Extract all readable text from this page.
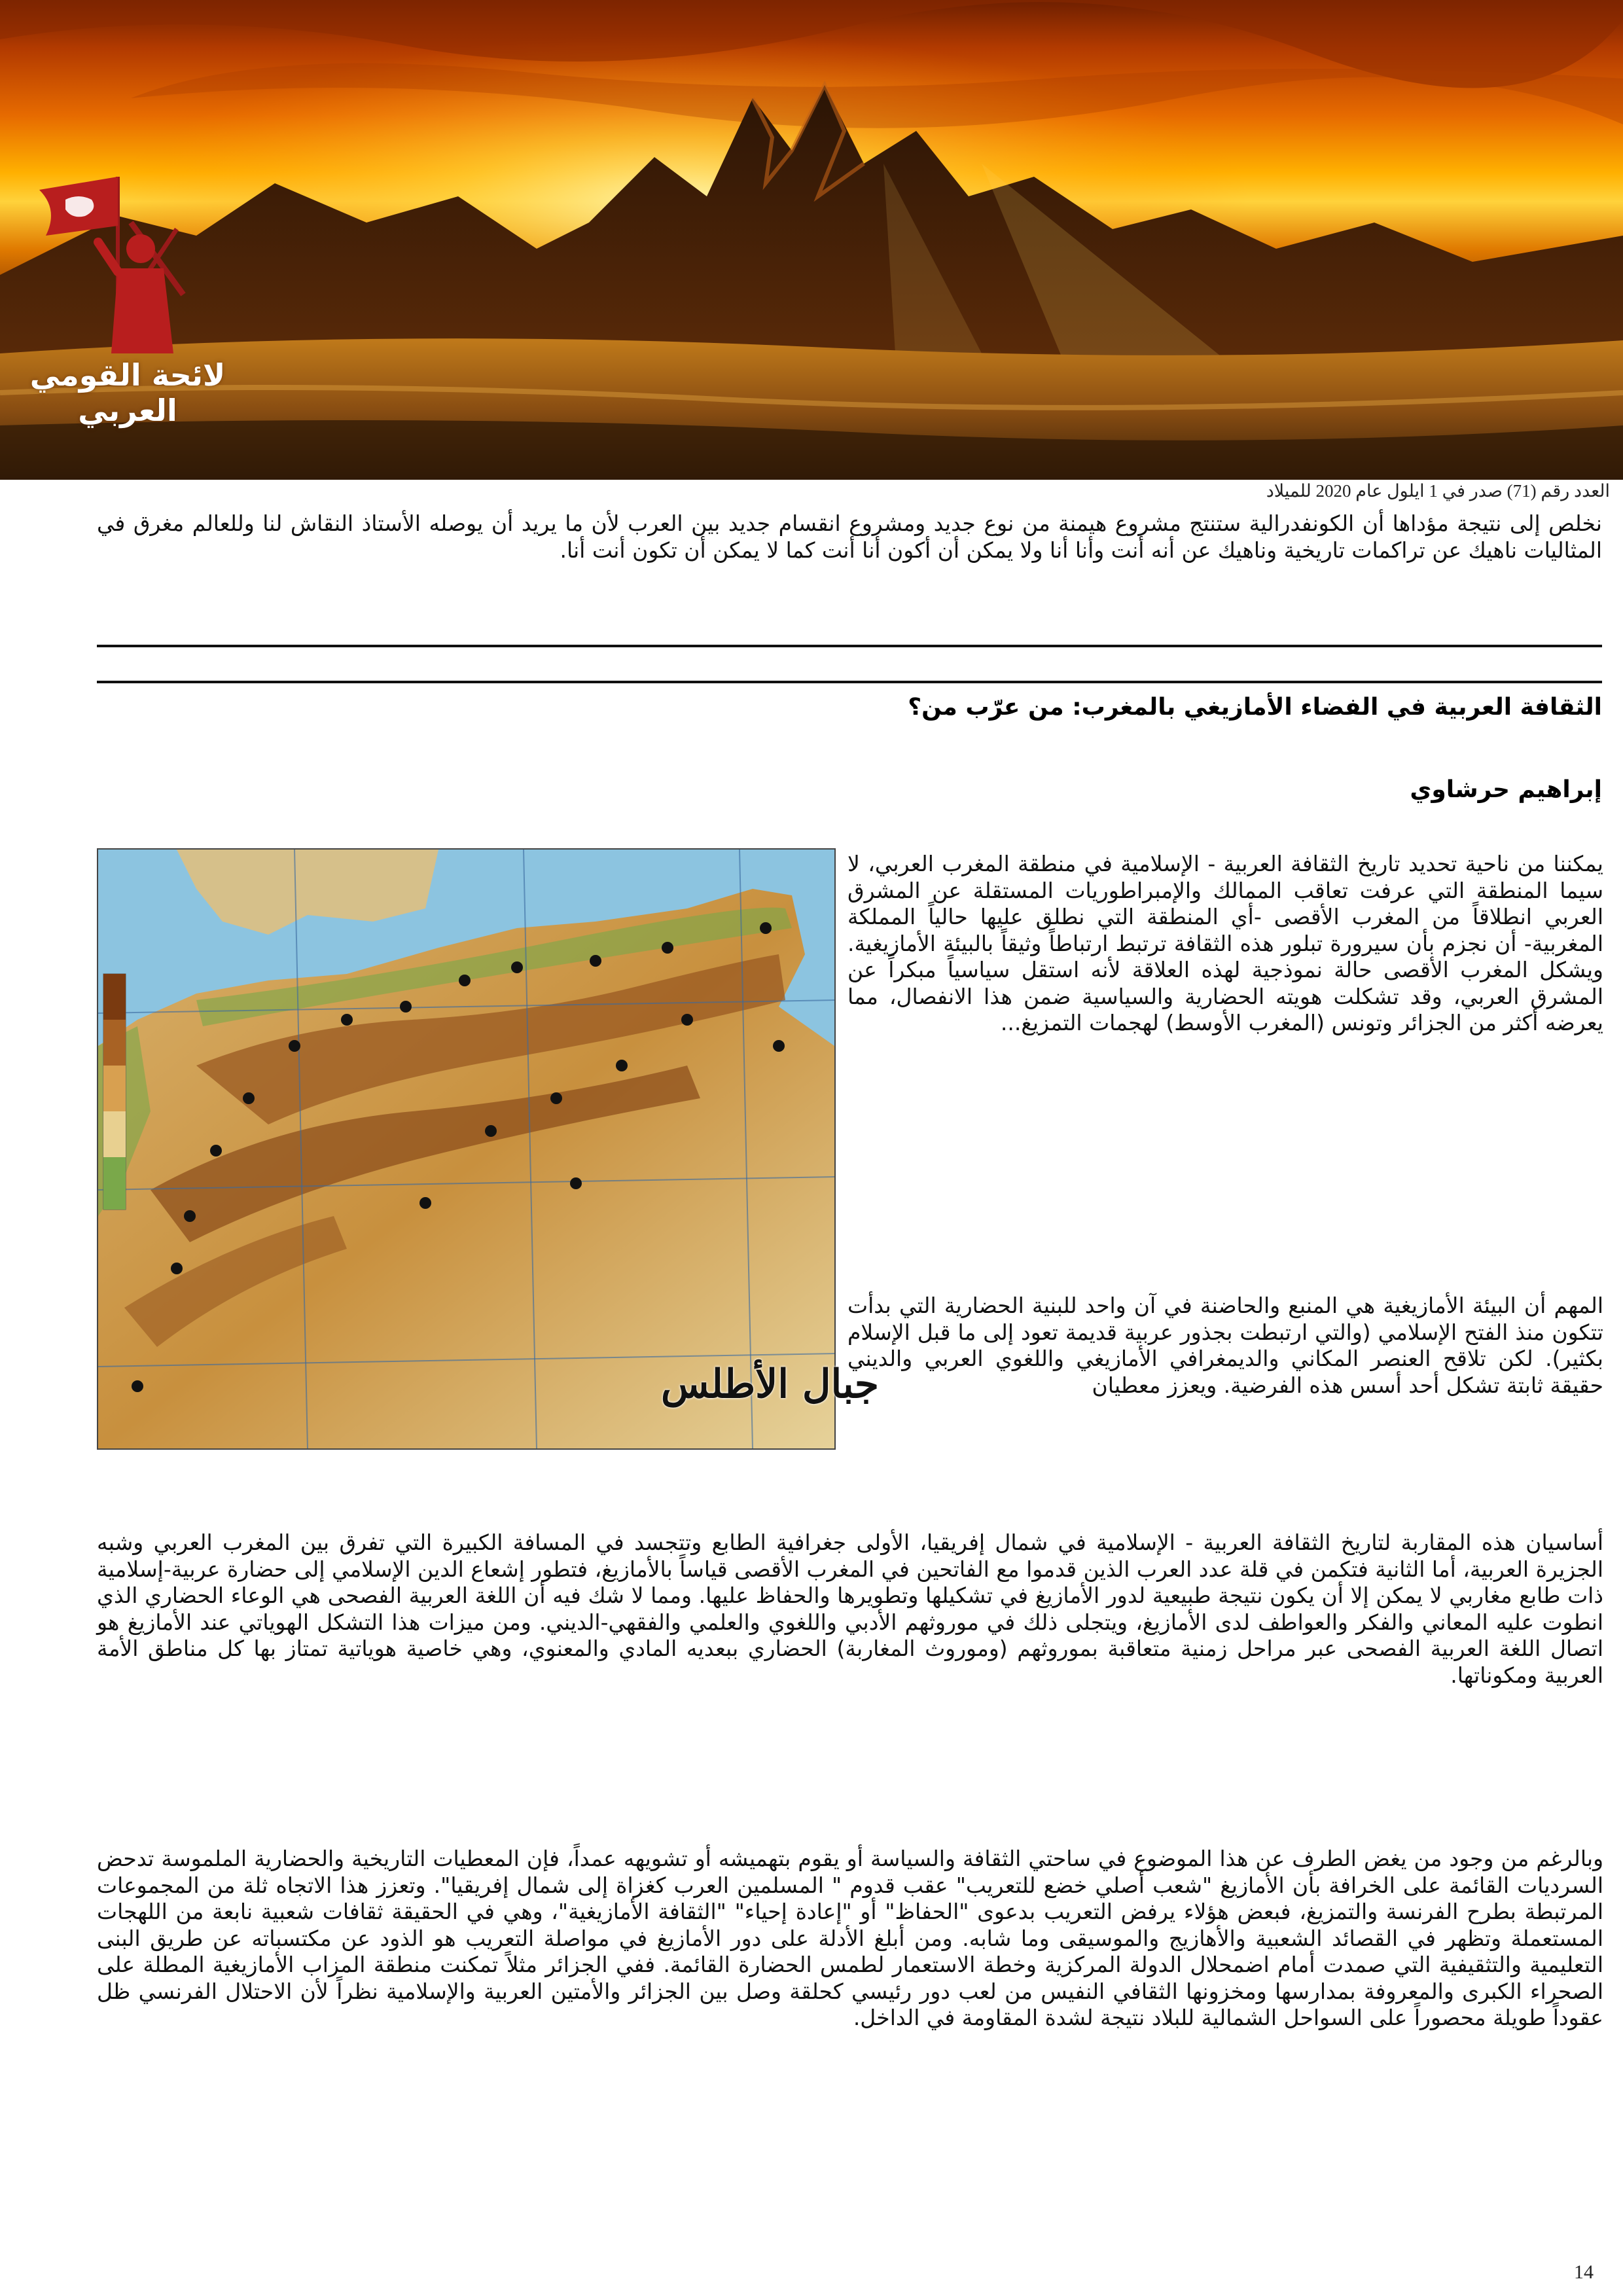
لائحة القومي العربي
العدد رقم (71) صدر في 1 ايلول عام 2020 للميلاد

نخلص إلى نتيجة مؤداها أن الكونفدرالية ستنتج مشروع هيمنة من نوع جديد ومشروع انقسام جديد بين العرب لأن ما يريد أن يوصله الأستاذ النقاش لنا وللعالم مغرق في المثاليات ناهيك عن تراكمات تاريخية وناهيك عن أنه أنت وأنا أنا ولا يمكن أن أكون أنا أنت كما لا يمكن أن تكون أنت أنا.

الثقافة العربية في الفضاء الأمازيغي بالمغرب: من عرّب من؟
إبراهيم حرشاوي
جبال الأطلس

يمكننا من ناحية تحديد تاريخ الثقافة العربية - الإسلامية في منطقة المغرب العربي، لا سيما المنطقة التي عرفت تعاقب الممالك والإمبراطوريات المستقلة عن المشرق العربي انطلاقاً من المغرب الأقصى -أي المنطقة التي نطلق عليها حالياً المملكة المغربية- أن نجزم بأن سيرورة تبلور هذه الثقافة ترتبط ارتباطاً وثيقاً بالبيئة الأمازيغية. ويشكل المغرب الأقصى حالة نموذجية لهذه العلاقة لأنه استقل سياسياً مبكراً عن المشرق العربي، وقد تشكلت هويته الحضارية والسياسية ضمن هذا الانفصال، مما يعرضه أكثر من الجزائر وتونس (المغرب الأوسط) لهجمات التمزيغ...

المهم أن البيئة الأمازيغية هي المنبع والحاضنة في آن واحد للبنية الحضارية التي بدأت تتكون منذ الفتح الإسلامي (والتي ارتبطت بجذور عربية قديمة تعود إلى ما قبل الإسلام بكثير). لكن تلاقح العنصر المكاني والديمغرافي الأمازيغي واللغوي العربي والديني حقيقة ثابتة تشكل أحد أسس هذه الفرضية. ويعزز معطيان

أساسيان هذه المقاربة لتاريخ الثقافة العربية - الإسلامية في شمال إفريقيا، الأولى جغرافية الطابع وتتجسد في المسافة الكبيرة التي تفرق بين المغرب العربي وشبه الجزيرة العربية، أما الثانية فتكمن في قلة عدد العرب الذين قدموا مع الفاتحين في المغرب الأقصى قياساً بالأمازيغ، فتطور إشعاع الدين الإسلامي إلى حضارة عربية-إسلامية ذات طابع مغاربي لا يمكن إلا أن يكون نتيجة طبيعية لدور الأمازيغ في تشكيلها وتطويرها والحفاظ عليها. ومما لا شك فيه أن اللغة العربية الفصحى هي الوعاء الحضاري الذي انطوت عليه المعاني والفكر والعواطف لدى الأمازيغ، ويتجلى ذلك في موروثهم الأدبي واللغوي والعلمي والفقهي-الديني. ومن ميزات هذا التشكل الهوياتي عند الأمازيغ هو اتصال اللغة العربية الفصحى عبر مراحل زمنية متعاقبة بموروثهم (وموروث المغاربة) الحضاري ببعديه المادي والمعنوي، وهي خاصية هوياتية تمتاز بها كل مناطق الأمة العربية ومكوناتها.

وبالرغم من وجود من يغض الطرف عن هذا الموضوع في ساحتي الثقافة والسياسة أو يقوم بتهميشه أو تشويهه عمداً، فإن المعطيات التاريخية والحضارية الملموسة تدحض السرديات القائمة على الخرافة بأن الأمازيغ "شعب أصلي خضع للتعريب" عقب قدوم " المسلمين العرب كغزاة إلى شمال إفريقيا". وتعزز هذا الاتجاه ثلة من المجموعات المرتبطة بطرح الفرنسة والتمزيغ، فبعض هؤلاء يرفض التعريب بدعوى "الحفاظ" أو "إعادة إحياء" "الثقافة الأمازيغية"، وهي في الحقيقة ثقافات شعبية نابعة من اللهجات المستعملة وتظهر في القصائد الشعبية والأهازيج والموسيقى وما شابه. ومن أبلغ الأدلة على دور الأمازيغ في مواصلة التعريب هو الذود عن مكتسباته عن طريق البنى التعليمية والتثقيفية التي صمدت أمام اضمحلال الدولة المركزية وخطة الاستعمار لطمس الحضارة القائمة. ففي الجزائر مثلاً تمكنت منطقة المزاب الأمازيغية المطلة على الصحراء الكبرى والمعروفة بمدارسها ومخزونها الثقافي النفيس من لعب دور رئيسي كحلقة وصل بين الجزائر والأمتين العربية والإسلامية نظراً لأن الاحتلال الفرنسي ظل عقوداً طويلة محصوراً على السواحل الشمالية للبلاد نتيجة لشدة المقاومة في الداخل.

14
